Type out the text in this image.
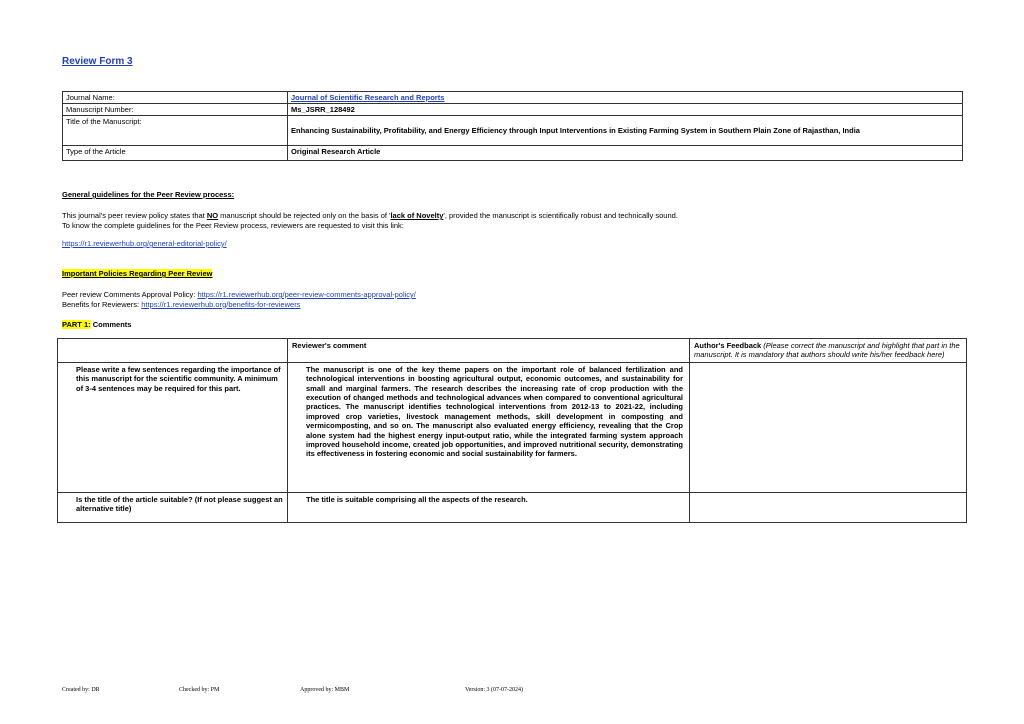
Review Form 3
Journal Name:	Journal of Scientific Research and Reports
Manuscript Number:	Ms_JSRR_128492
Title of the Manuscript:	Enhancing Sustainability, Profitability, and Energy Efficiency through Input Interventions in Existing Farming System in Southern Plain Zone of Rajasthan, India
Type of the Article	Original Research Article
General guidelines for the Peer Review process:
This journal's peer review policy states that NO manuscript should be rejected only on the basis of 'lack of Novelty', provided the manuscript is scientifically robust and technically sound.
To know the complete guidelines for the Peer Review process, reviewers are requested to visit this link:
https://r1.reviewerhub.org/general-editorial-policy/
Important Policies Regarding Peer Review
Peer review Comments Approval Policy: https://r1.reviewerhub.org/peer-review-comments-approval-policy/
Benefits for Reviewers: https://r1.reviewerhub.org/benefits-for-reviewers
PART 1: Comments

	Reviewer's comment	Author's Feedback (Please correct the manuscript and highlight that part in the manuscript. It is mandatory that authors should write his/her feedback here)

Please write a few sentences regarding the importance of this manuscript for the scientific community. A minimum of 3-4 sentences may be required for this part.	The manuscript is one of the key theme papers on the important role of balanced fertilization and technological interventions in boosting agricultural output, economic outcomes, and sustainability for small and marginal farmers. The research describes the increasing rate of crop production with the execution of changed methods and technological advances when compared to conventional agricultural practices. The manuscript identifies technological interventions from 2012-13 to 2021-22, including improved crop varieties, livestock management methods, skill development in composting and vermicomposting, and so on. The manuscript also evaluated energy efficiency, revealing that the Crop alone system had the highest energy input-output ratio, while the integrated farming system approach improved household income, created job opportunities, and improved nutritional security, demonstrating its effectiveness in fostering economic and social sustainability for farmers.	

Is the title of the article suitable? (If not please suggest an alternative title)	The title is suitable comprising all the aspects of the research.	

Created by: DR	Checked by: PM	Approved by: MBM	Version: 3 (07-07-2024)
